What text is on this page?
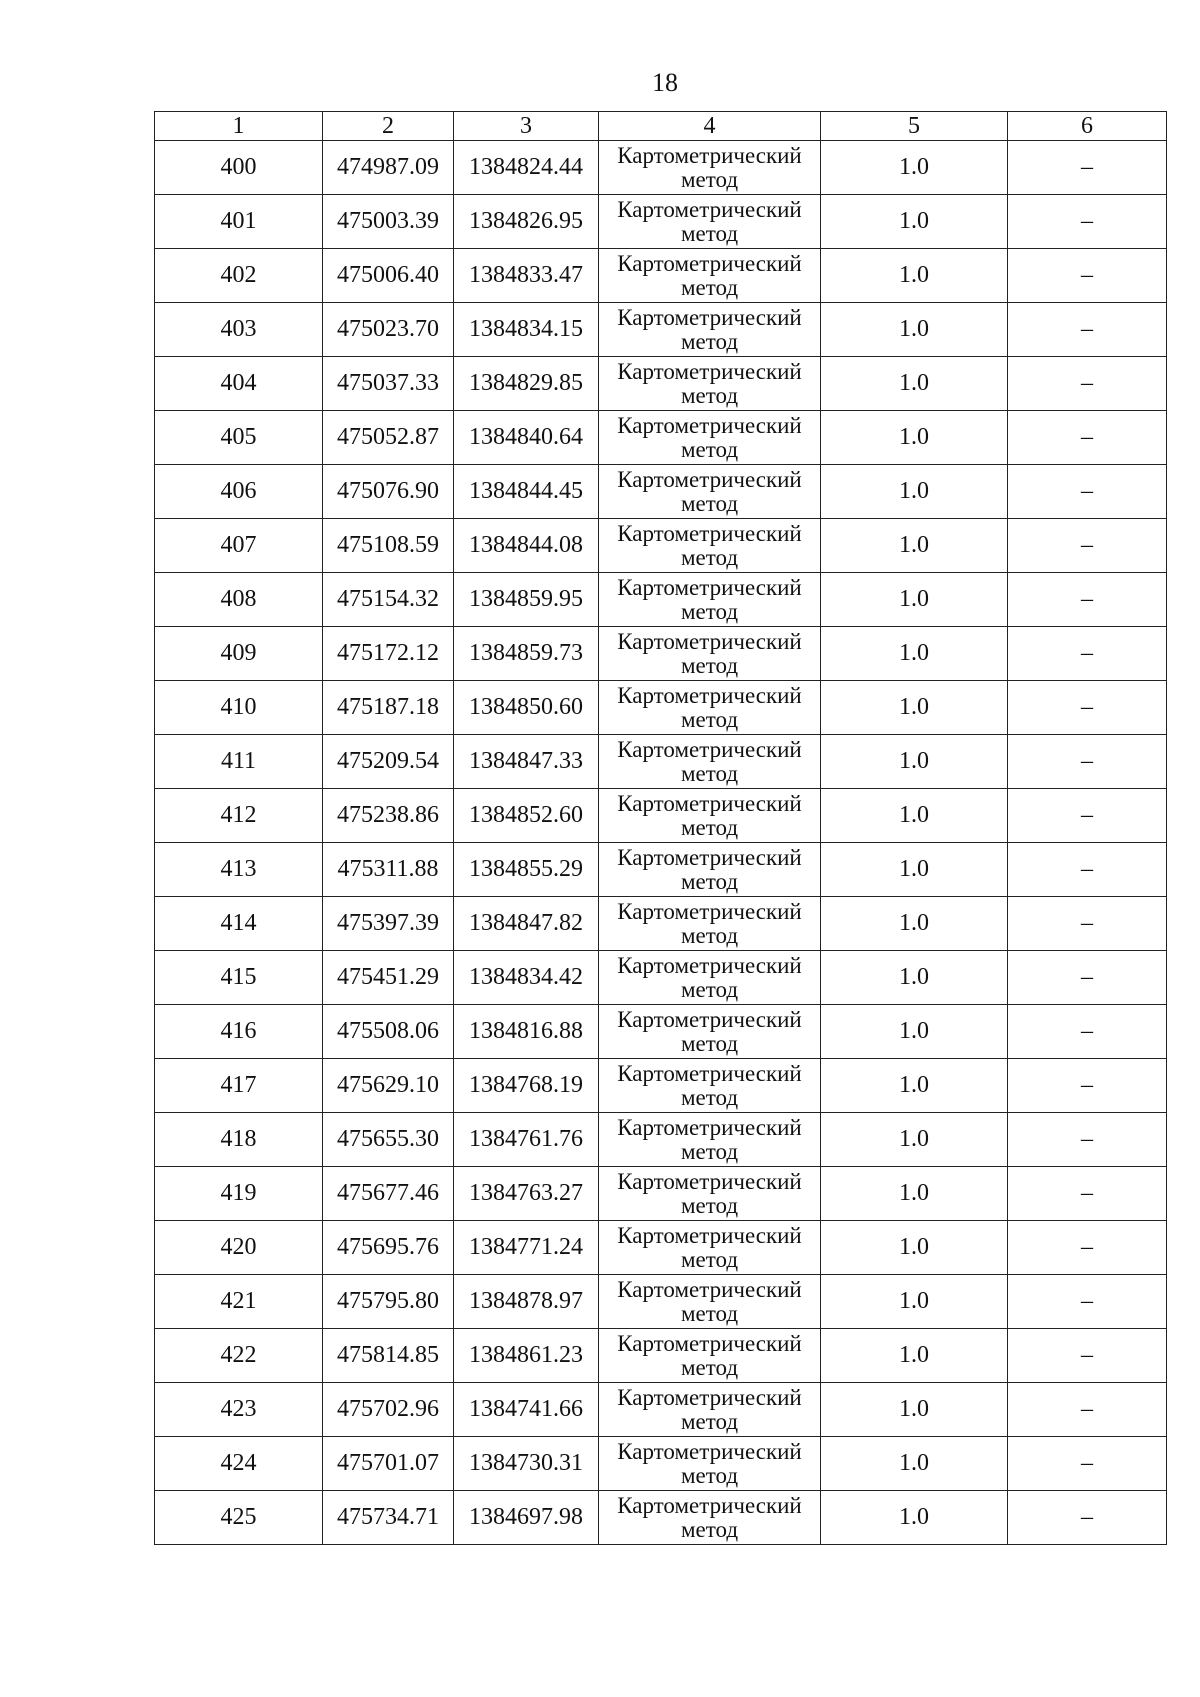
18
1	2	3	4	5	6
400	474987.09	1384824.44	Картометрический метод	1.0	–
401	475003.39	1384826.95	Картометрический метод	1.0	–
402	475006.40	1384833.47	Картометрический метод	1.0	–
403	475023.70	1384834.15	Картометрический метод	1.0	–
404	475037.33	1384829.85	Картометрический метод	1.0	–
405	475052.87	1384840.64	Картометрический метод	1.0	–
406	475076.90	1384844.45	Картометрический метод	1.0	–
407	475108.59	1384844.08	Картометрический метод	1.0	–
408	475154.32	1384859.95	Картометрический метод	1.0	–
409	475172.12	1384859.73	Картометрический метод	1.0	–
410	475187.18	1384850.60	Картометрический метод	1.0	–
411	475209.54	1384847.33	Картометрический метод	1.0	–
412	475238.86	1384852.60	Картометрический метод	1.0	–
413	475311.88	1384855.29	Картометрический метод	1.0	–
414	475397.39	1384847.82	Картометрический метод	1.0	–
415	475451.29	1384834.42	Картометрический метод	1.0	–
416	475508.06	1384816.88	Картометрический метод	1.0	–
417	475629.10	1384768.19	Картометрический метод	1.0	–
418	475655.30	1384761.76	Картометрический метод	1.0	–
419	475677.46	1384763.27	Картометрический метод	1.0	–
420	475695.76	1384771.24	Картометрический метод	1.0	–
421	475795.80	1384878.97	Картометрический метод	1.0	–
422	475814.85	1384861.23	Картометрический метод	1.0	–
423	475702.96	1384741.66	Картометрический метод	1.0	–
424	475701.07	1384730.31	Картометрический метод	1.0	–
425	475734.71	1384697.98	Картометрический метод	1.0	–
